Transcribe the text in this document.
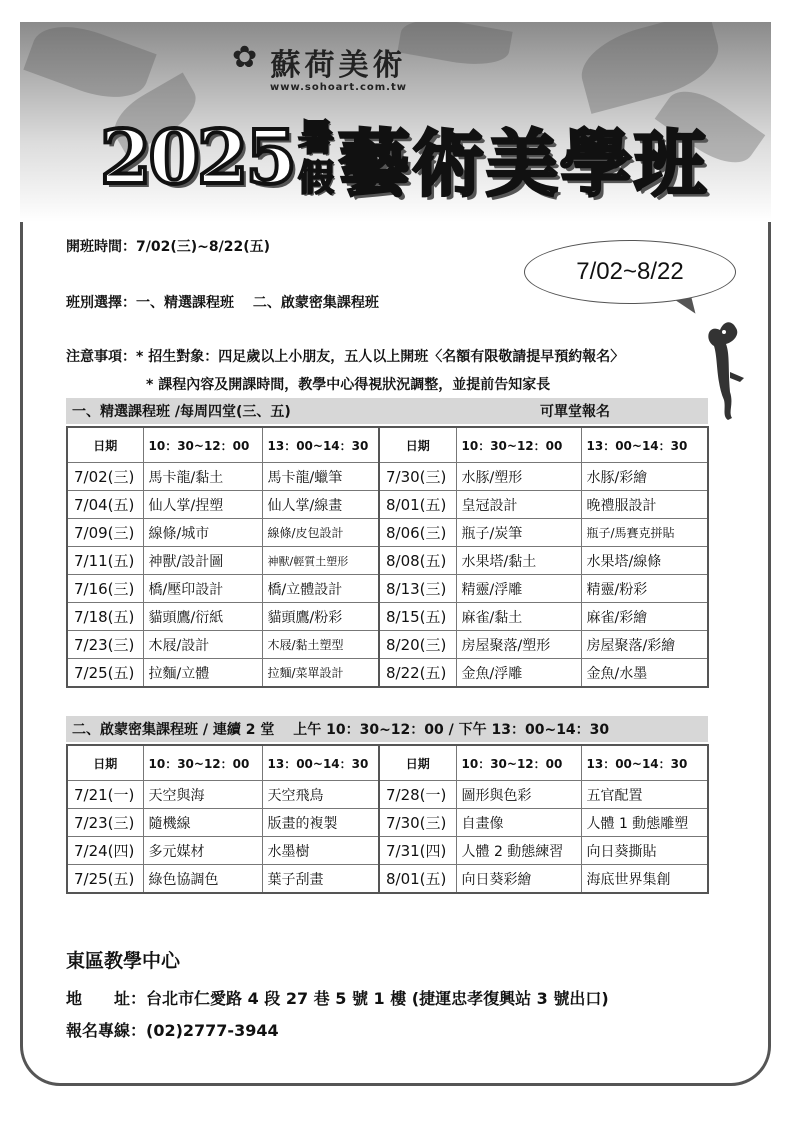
✿ 蘇荷美術
www.sohoart.com.tw
2025 暑
假 藝術美學班
開班時間：7/02(三)~8/22(五)
班別選擇：一、精選課程班　 二、啟蒙密集課程班
注意事項：* 招生對象：四足歲以上小朋友，五人以上開班〈名額有限敬請提早預約報名〉
* 課程內容及開課時間，教學中心得視狀況調整，並提前告知家長
7/02~8/22
一、精選課程班 /每周四堂(三、五)	可單堂報名
日期	10：30~12：00	13：00~14：30	日期	10：30~12：00	13：00~14：30
7/02(三)	馬卡龍/黏土	馬卡龍/蠟筆	7/30(三)	水豚/塑形	水豚/彩繪
7/04(五)	仙人掌/捏塑	仙人掌/線畫	8/01(五)	皇冠設計	晚禮服設計
7/09(三)	線條/城市	線條/皮包設計	8/06(三)	瓶子/炭筆	瓶子/馬賽克拼貼
7/11(五)	神獸/設計圖	神獸/輕質土塑形	8/08(五)	水果塔/黏土	水果塔/線條
7/16(三)	橋/壓印設計	橋/立體設計	8/13(三)	精靈/浮雕	精靈/粉彩
7/18(五)	貓頭鷹/衍紙	貓頭鷹/粉彩	8/15(五)	麻雀/黏土	麻雀/彩繪
7/23(三)	木屐/設計	木屐/黏土塑型	8/20(三)	房屋聚落/塑形	房屋聚落/彩繪
7/25(五)	拉麵/立體	拉麵/菜單設計	8/22(五)	金魚/浮雕	金魚/水墨
二、啟蒙密集課程班 / 連續 2 堂　 上午 10：30~12：00 / 下午 13：00~14：30
日期	10：30~12：00	13：00~14：30	日期	10：30~12：00	13：00~14：30
7/21(一)	天空與海	天空飛鳥	7/28(一)	圖形與色彩	五官配置
7/23(三)	隨機線	版畫的複製	7/30(三)	自畫像	人體 1 動態雕塑
7/24(四)	多元媒材	水墨樹	7/31(四)	人體 2 動態練習	向日葵撕貼
7/25(五)	綠色協調色	葉子刮畫	8/01(五)	向日葵彩繪	海底世界集創
東區教學中心
地　　址：台北市仁愛路 4 段 27 巷 5 號 1 樓 (捷運忠孝復興站 3 號出口)
報名專線：(02)2777-3944
